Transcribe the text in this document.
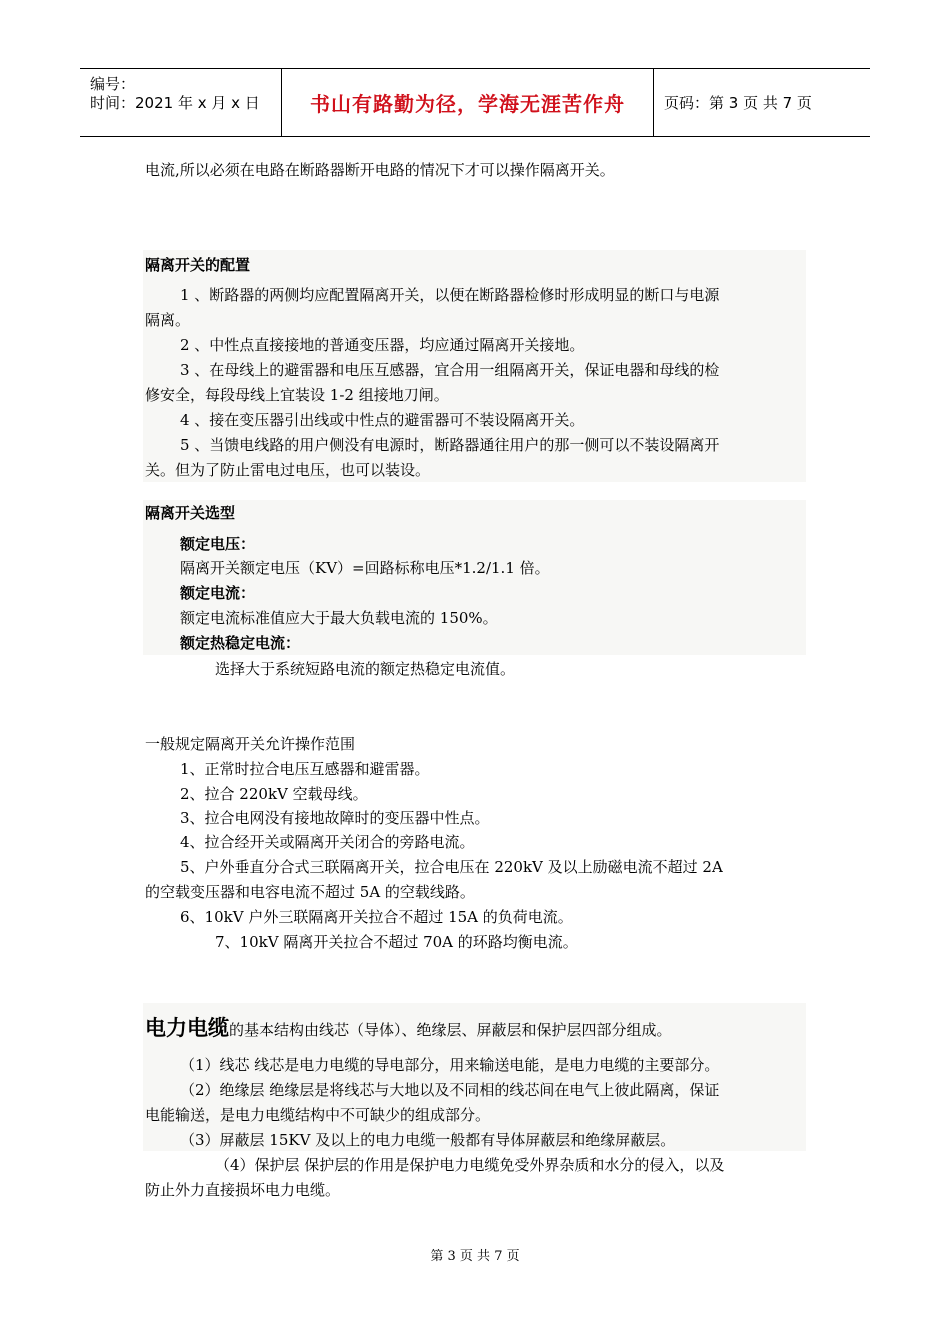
编号：
时间：2021 年 x 月 x 日	书山有路勤为径，学海无涯苦作舟	页码：第 3 页 共 7 页
电流,所以必须在电路在断路器断开电路的情况下才可以操作隔离开关。
隔离开关的配置
1 、断路器的两侧均应配置隔离开关，以便在断路器检修时形成明显的断口与电源
隔离。
2 、中性点直接接地的普通变压器，均应通过隔离开关接地。
3 、在母线上的避雷器和电压互感器，宜合用一组隔离开关，保证电器和母线的检
修安全，每段母线上宜装设 1-2 组接地刀闸。
4 、接在变压器引出线或中性点的避雷器可不装设隔离开关。
5 、当馈电线路的用户侧没有电源时，断路器通往用户的那一侧可以不装设隔离开
关。但为了防止雷电过电压，也可以装设。
隔离开关选型
额定电压：
隔离开关额定电压（KV）=回路标称电压*1.2/1.1 倍。
额定电流：
额定电流标准值应大于最大负载电流的 150%。
额定热稳定电流：
选择大于系统短路电流的额定热稳定电流值。
一般规定隔离开关允许操作范围
1、正常时拉合电压互感器和避雷器。
2、拉合 220kV 空载母线。
3、拉合电网没有接地故障时的变压器中性点。
4、拉合经开关或隔离开关闭合的旁路电流。
5、户外垂直分合式三联隔离开关，拉合电压在 220kV 及以上励磁电流不超过 2A
的空载变压器和电容电流不超过 5A 的空载线路。
6、10kV 户外三联隔离开关拉合不超过 15A 的负荷电流。
7、10kV 隔离开关拉合不超过 70A 的环路均衡电流。
电力电缆的基本结构由线芯（导体）、绝缘层、屏蔽层和保护层四部分组成。
（1）线芯 线芯是电力电缆的导电部分，用来输送电能，是电力电缆的主要部分。
（2）绝缘层 绝缘层是将线芯与大地以及不同相的线芯间在电气上彼此隔离，保证
电能输送，是电力电缆结构中不可缺少的组成部分。
（3）屏蔽层 15KV 及以上的电力电缆一般都有导体屏蔽层和绝缘屏蔽层。
（4）保护层 保护层的作用是保护电力电缆免受外界杂质和水分的侵入，以及
防止外力直接损坏电力电缆。
第 3 页 共 7 页
